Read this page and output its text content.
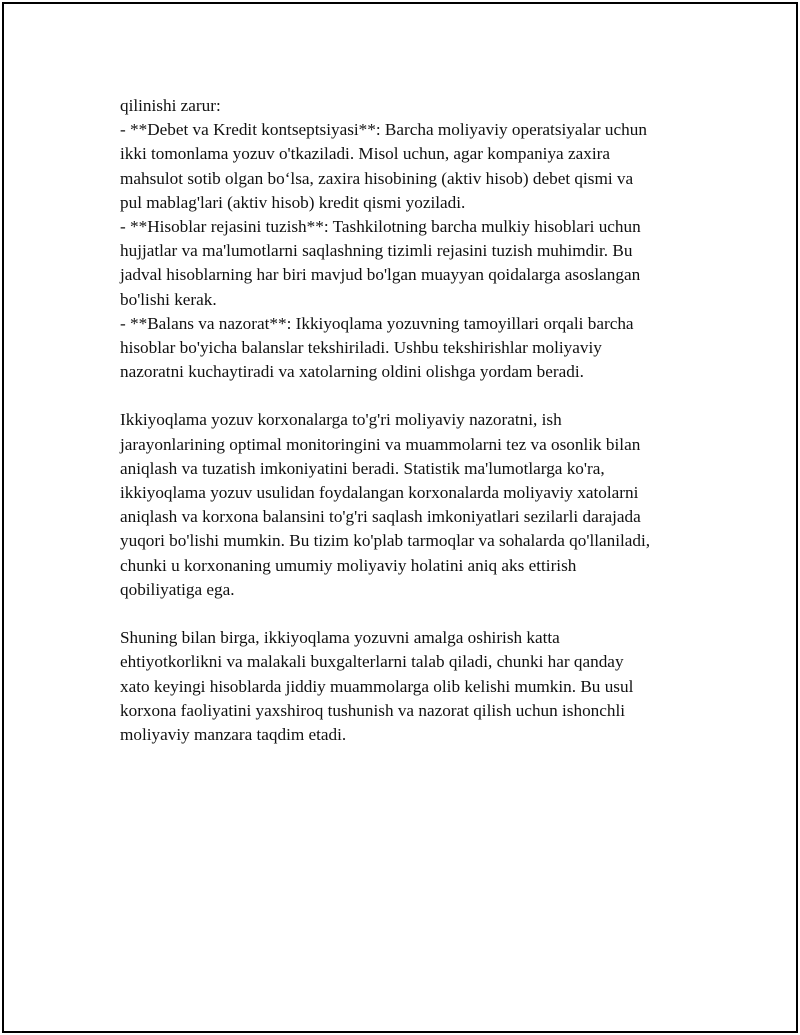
qilinishi zarur:
- **Debet va Kredit kontseptsiyasi**: Barcha moliyaviy operatsiyalar uchun
ikki tomonlama yozuv o'tkaziladi. Misol uchun, agar kompaniya zaxira
mahsulot sotib olgan bo‘lsa, zaxira hisobining (aktiv hisob) debet qismi va
pul mablag'lari (aktiv hisob) kredit qismi yoziladi.
- **Hisoblar rejasini tuzish**: Tashkilotning barcha mulkiy hisoblari uchun
hujjatlar va ma'lumotlarni saqlashning tizimli rejasini tuzish muhimdir. Bu
jadval hisoblarning har biri mavjud bo'lgan muayyan qoidalarga asoslangan
bo'lishi kerak.
- **Balans va nazorat**: Ikkiyoqlama yozuvning tamoyillari orqali barcha
hisoblar bo'yicha balanslar tekshiriladi. Ushbu tekshirishlar moliyaviy
nazoratni kuchaytiradi va xatolarning oldini olishga yordam beradi.
Ikkiyoqlama yozuv korxonalarga to'g'ri moliyaviy nazoratni, ish
jarayonlarining optimal monitoringini va muammolarni tez va osonlik bilan
aniqlash va tuzatish imkoniyatini beradi. Statistik ma'lumotlarga ko'ra,
ikkiyoqlama yozuv usulidan foydalangan korxonalarda moliyaviy xatolarni
aniqlash va korxona balansini to'g'ri saqlash imkoniyatlari sezilarli darajada
yuqori bo'lishi mumkin. Bu tizim ko'plab tarmoqlar va sohalarda qo'llaniladi,
chunki u korxonaning umumiy moliyaviy holatini aniq aks ettirish
qobiliyatiga ega.
Shuning bilan birga, ikkiyoqlama yozuvni amalga oshirish katta
ehtiyotkorlikni va malakali buxgalterlarni talab qiladi, chunki har qanday
xato keyingi hisoblarda jiddiy muammolarga olib kelishi mumkin. Bu usul
korxona faoliyatini yaxshiroq tushunish va nazorat qilish uchun ishonchli
moliyaviy manzara taqdim etadi.
